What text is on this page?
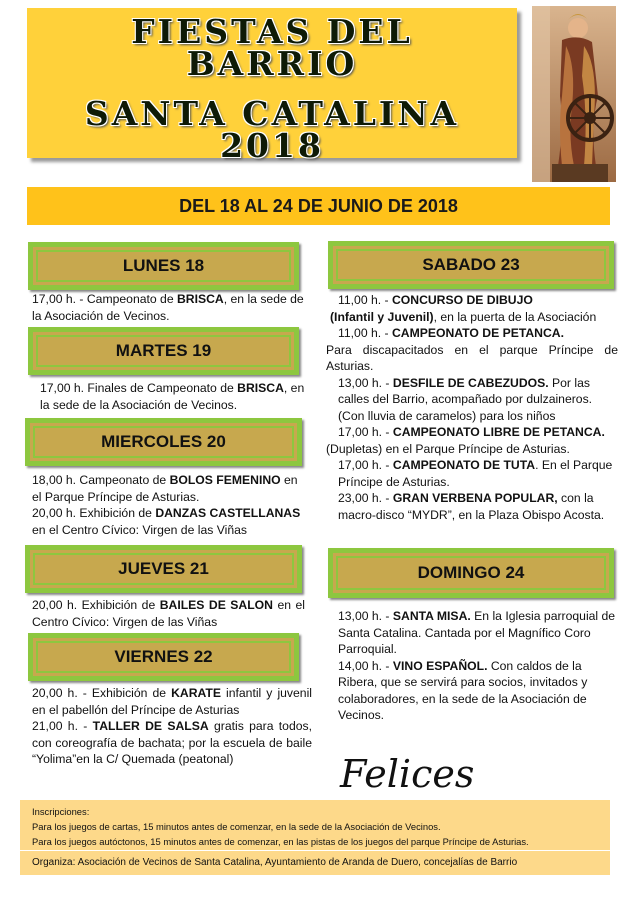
FIESTAS DEL
BARRIO
SANTA CATALINA
2018
DEL 18 AL 24 DE JUNIO DE 2018
LUNES 18

17,00 h. - Campeonato de BRISCA, en la sede de la Asociación de Vecinos.

MARTES 19

17,00 h. Finales de Campeonato de BRISCA, en la sede de la Asociación de Vecinos.

MIERCOLES 20

18,00 h. Campeonato de BOLOS FEMENINO en el Parque Príncipe de Asturias.

20,00 h. Exhibición de DANZAS CASTELLANAS en el Centro Cívico: Virgen de las Viñas

JUEVES 21

20,00 h. Exhibición de BAILES DE SALON en el Centro Cívico: Virgen de las Viñas

VIERNES 22

20,00 h. - Exhibición de KARATE infantil y juvenil en el pabellón del Príncipe de Asturias

21,00 h. - TALLER DE SALSA gratis para todos, con coreografía de bachata; por la escuela de baile “Yolima”en la C/ Quemada (peatonal)

SABADO 23

11,00 h. - CONCURSO DE DIBUJO

(Infantil y Juvenil), en la puerta de la Asociación

11,00 h. - CAMPEONATO DE PETANCA.

Para discapacitados en el parque Príncipe de Asturias.

13,00 h. - DESFILE DE CABEZUDOS. Por las calles del Barrio, acompañado por dulzaineros. (Con lluvia de caramelos) para los niños

17,00 h. - CAMPEONATO LIBRE DE PETANCA.

(Dupletas) en el Parque Príncipe de Asturias.

17,00 h. - CAMPEONATO DE TUTA. En el Parque Príncipe de Asturias.

23,00 h. - GRAN VERBENA POPULAR, con la macro-disco “MYDR”, en la Plaza Obispo Acosta.

DOMINGO 24

13,00 h. - SANTA MISA. En la Iglesia parroquial de Santa Catalina. Cantada por el Magnífico Coro Parroquial.

14,00 h. - VINO ESPAÑOL. Con caldos de la Ribera, que se servirá para socios, invitados y colaboradores, en la sede de la Asociación de Vecinos.

Felices
Inscripciones:
Para los juegos de cartas, 15 minutos antes de comenzar, en la sede de la Asociación de Vecinos.
Para los juegos autóctonos, 15 minutos antes de comenzar, en las pistas de los juegos del parque Príncipe de Asturias.
Organiza: Asociación de Vecinos de Santa Catalina, Ayuntamiento de Aranda de Duero, concejalías de Barrio
